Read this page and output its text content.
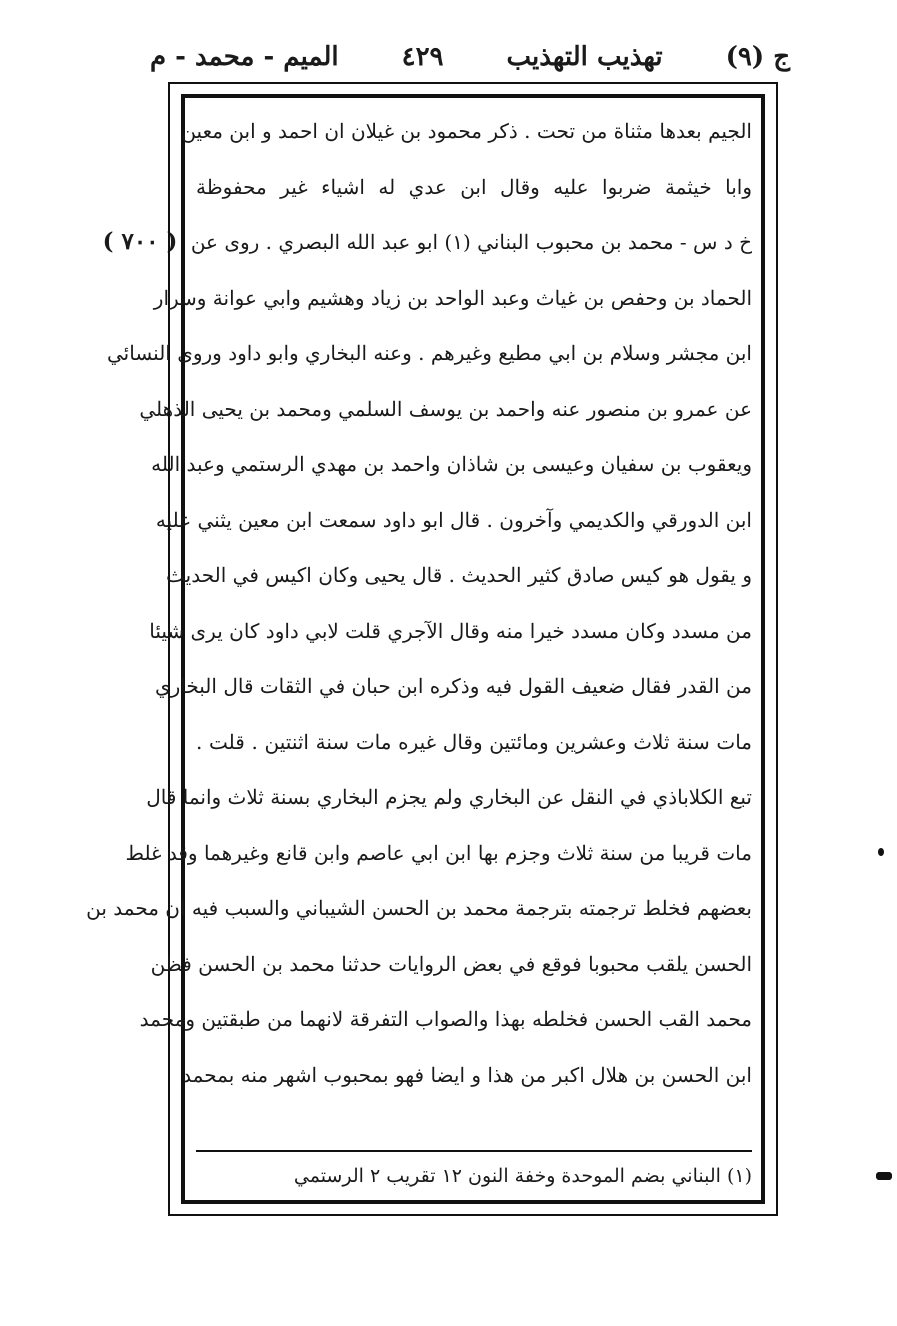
ج (٩)
تهذيب التهذيب
٤٢٩
الميم - محمد - م
( ٧٠٠ )
الجيم بعدها مثناة من تحت . ذكر محمود بن غيلان ان احمد و ابن معين
وابا خيثمة ضربوا عليه وقال ابن عدي له اشياء غير محفوظة
خ د س - محمد بن محبوب البناني (١) ابو عبد الله البصري . روى عن
الحماد بن وحفص بن غياث وعبد الواحد بن زياد وهشيم وابي عوانة وسرار
ابن مجشر وسلام بن ابي مطيع وغيرهم . وعنه البخاري وابو داود وروى النسائي
عن عمرو بن منصور عنه واحمد بن يوسف السلمي ومحمد بن يحيى الذهلي
ويعقوب بن سفيان وعيسى بن شاذان واحمد بن مهدي الرستمي وعبد الله
ابن الدورقي والكديمي وآخرون . قال ابو داود سمعت ابن معين يثني عليه
و يقول هو كيس صادق كثير الحديث . قال يحيى وكان اكيس في الحديث
من مسدد وكان مسدد خيرا منه وقال الآجري قلت لابي داود كان يرى شيئا
من القدر فقال ضعيف القول فيه وذكره ابن حبان في الثقات قال البخاري
مات سنة ثلاث وعشرين ومائتين وقال غيره مات سنة اثنتين . قلت .
تبع الكلاباذي في النقل عن البخاري ولم يجزم البخاري بسنة ثلاث وانما قال
مات قريبا من سنة ثلاث وجزم بها ابن ابي عاصم وابن قانع وغيرهما وقد غلط
بعضهم فخلط ترجمته بترجمة محمد بن الحسن الشيباني والسبب فيه ان محمد بن
الحسن يلقب محبوبا فوقع في بعض الروايات حدثنا محمد بن الحسن فظن
محمد القب الحسن فخلطه بهذا والصواب التفرقة لانهما من طبقتين ومحمد
ابن الحسن بن هلال اكبر من هذا و ايضا فهو بمحبوب اشهر منه بمحمد
(١) البناني بضم الموحدة وخفة النون ١٢ تقريب ٢ الرستمي
